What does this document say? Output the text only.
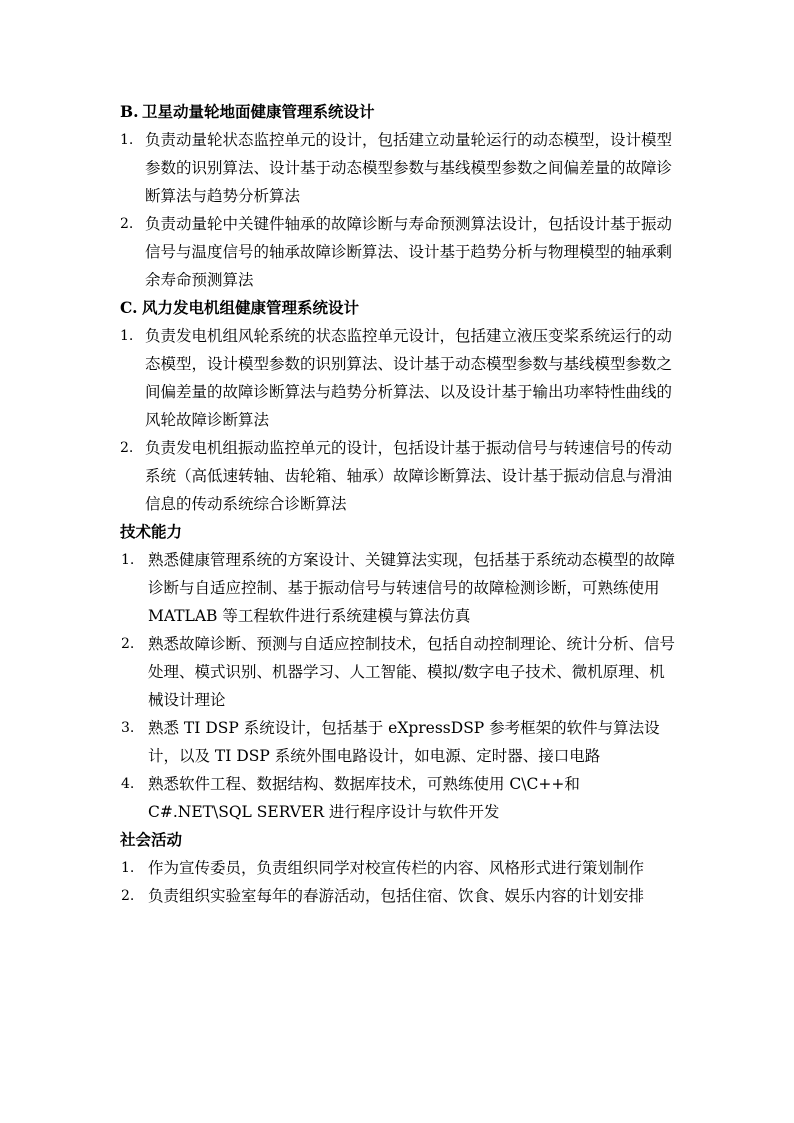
B. 卫星动量轮地面健康管理系统设计
1. 负责动量轮状态监控单元的设计，包括建立动量轮运行的动态模型，设计模型参数的识别算法、设计基于动态模型参数与基线模型参数之间偏差量的故障诊断算法与趋势分析算法
2. 负责动量轮中关键件轴承的故障诊断与寿命预测算法设计，包括设计基于振动信号与温度信号的轴承故障诊断算法、设计基于趋势分析与物理模型的轴承剩余寿命预测算法
C. 风力发电机组健康管理系统设计
1. 负责发电机组风轮系统的状态监控单元设计，包括建立液压变桨系统运行的动态模型，设计模型参数的识别算法、设计基于动态模型参数与基线模型参数之间偏差量的故障诊断算法与趋势分析算法、以及设计基于输出功率特性曲线的风轮故障诊断算法
2. 负责发电机组振动监控单元的设计，包括设计基于振动信号与转速信号的传动系统（高低速转轴、齿轮箱、轴承）故障诊断算法、设计基于振动信息与滑油信息的传动系统综合诊断算法
技术能力
1. 熟悉健康管理系统的方案设计、关键算法实现，包括基于系统动态模型的故障诊断与自适应控制、基于振动信号与转速信号的故障检测诊断，可熟练使用 MATLAB 等工程软件进行系统建模与算法仿真
2. 熟悉故障诊断、预测与自适应控制技术，包括自动控制理论、统计分析、信号处理、模式识别、机器学习、人工智能、模拟/数字电子技术、微机原理、机械设计理论
3. 熟悉 TI DSP 系统设计，包括基于 eXpressDSP 参考框架的软件与算法设计，以及 TI DSP 系统外围电路设计，如电源、定时器、接口电路
4. 熟悉软件工程、数据结构、数据库技术，可熟练使用 C\C++和 C#.NET\SQL SERVER 进行程序设计与软件开发
社会活动
1. 作为宣传委员，负责组织同学对校宣传栏的内容、风格形式进行策划制作
2. 负责组织实验室每年的春游活动，包括住宿、饮食、娱乐内容的计划安排
